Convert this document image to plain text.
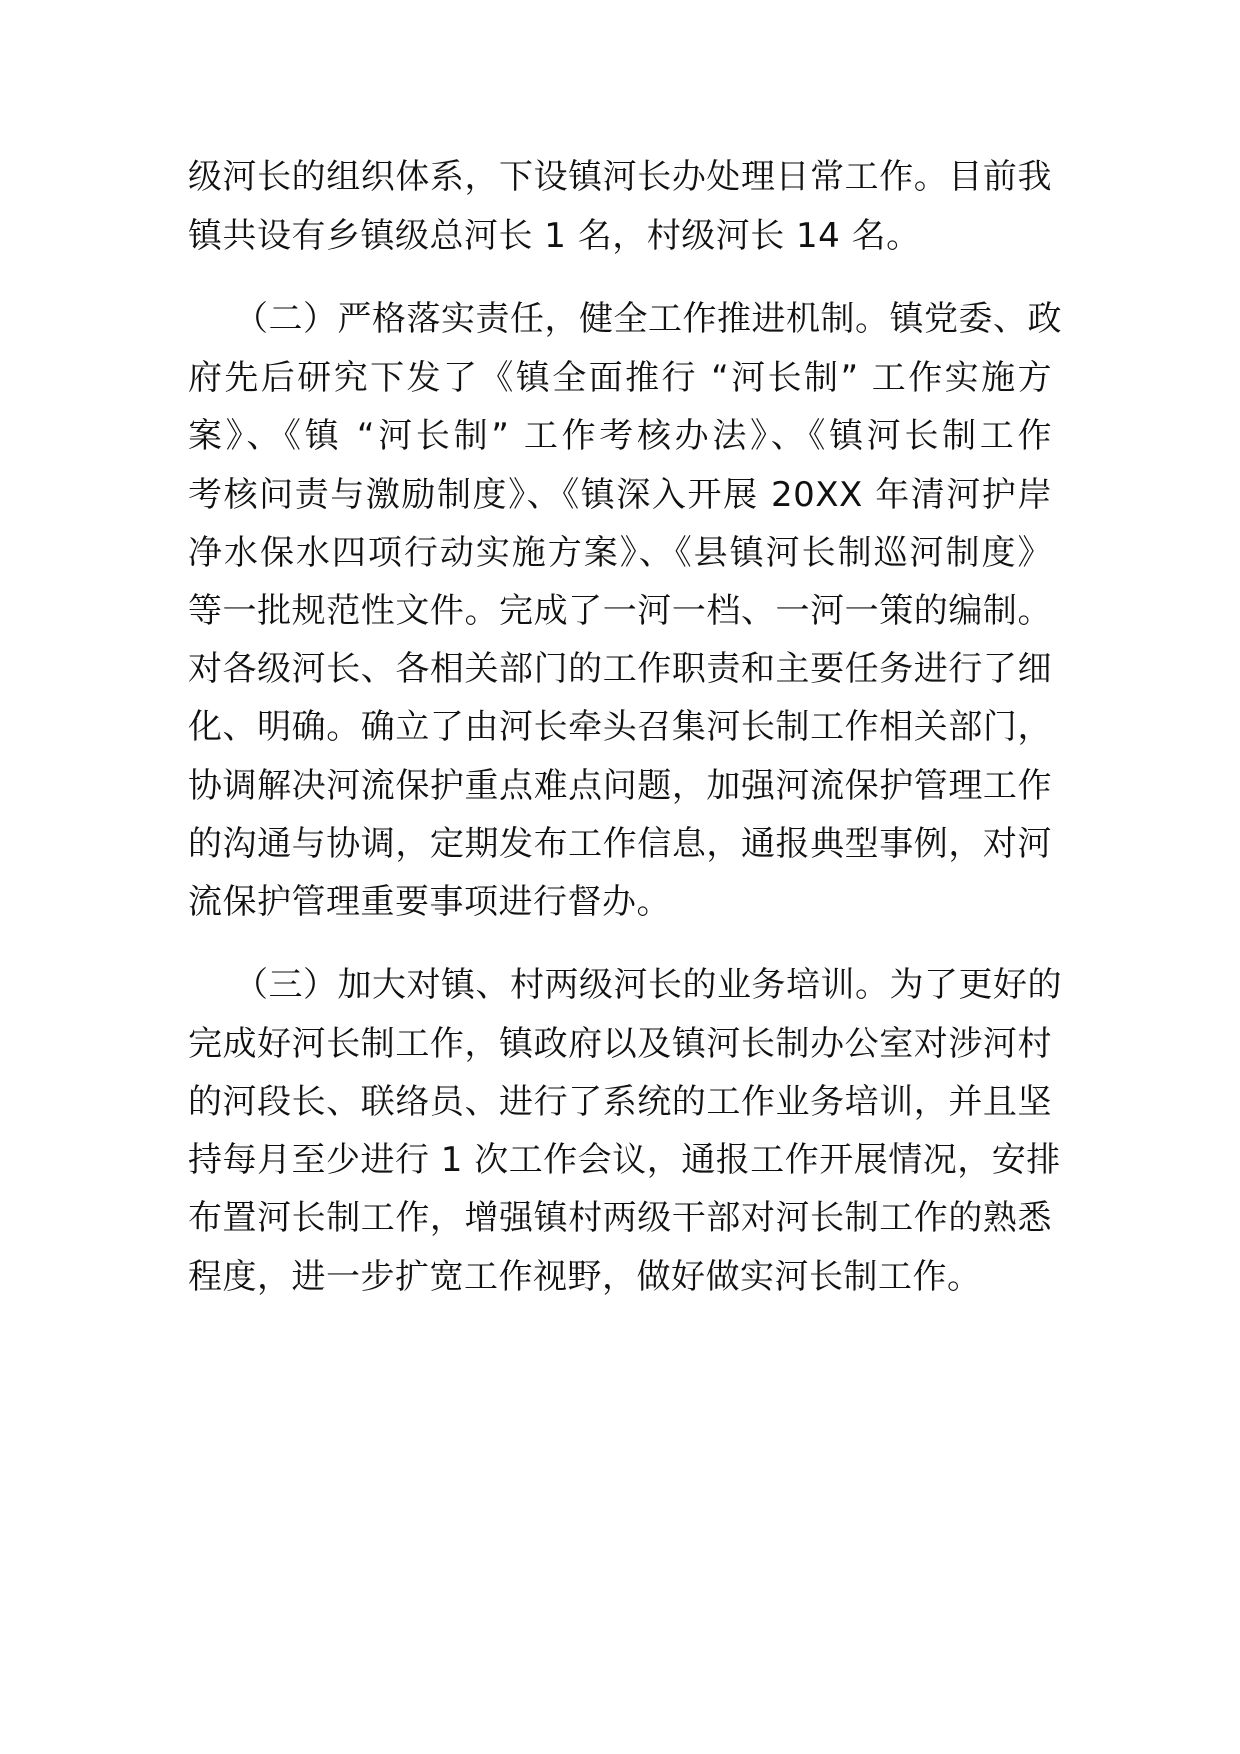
级河长的组织体系，下设镇河长办处理日常工作。目前我
镇共设有乡镇级总河长 1 名，村级河长 14 名。
（二）严格落实责任，健全工作推进机制。镇党委、政
府先后研究下发了《镇全面推行 “河长制” 工作实施方
案》、《镇 “河长制” 工作考核办法》、《镇河长制工作
考核问责与激励制度》、《镇深入开展 20XX 年清河护岸
净水保水四项行动实施方案》、《县镇河长制巡河制度》
等一批规范性文件。完成了一河一档、一河一策的编制。
对各级河长、各相关部门的工作职责和主要任务进行了细
化、明确。确立了由河长牵头召集河长制工作相关部门，
协调解决河流保护重点难点问题，加强河流保护管理工作
的沟通与协调，定期发布工作信息，通报典型事例，对河
流保护管理重要事项进行督办。
（三）加大对镇、村两级河长的业务培训。为了更好的
完成好河长制工作，镇政府以及镇河长制办公室对涉河村
的河段长、联络员、进行了系统的工作业务培训，并且坚
持每月至少进行 1 次工作会议，通报工作开展情况，安排
布置河长制工作，增强镇村两级干部对河长制工作的熟悉
程度，进一步扩宽工作视野，做好做实河长制工作。
